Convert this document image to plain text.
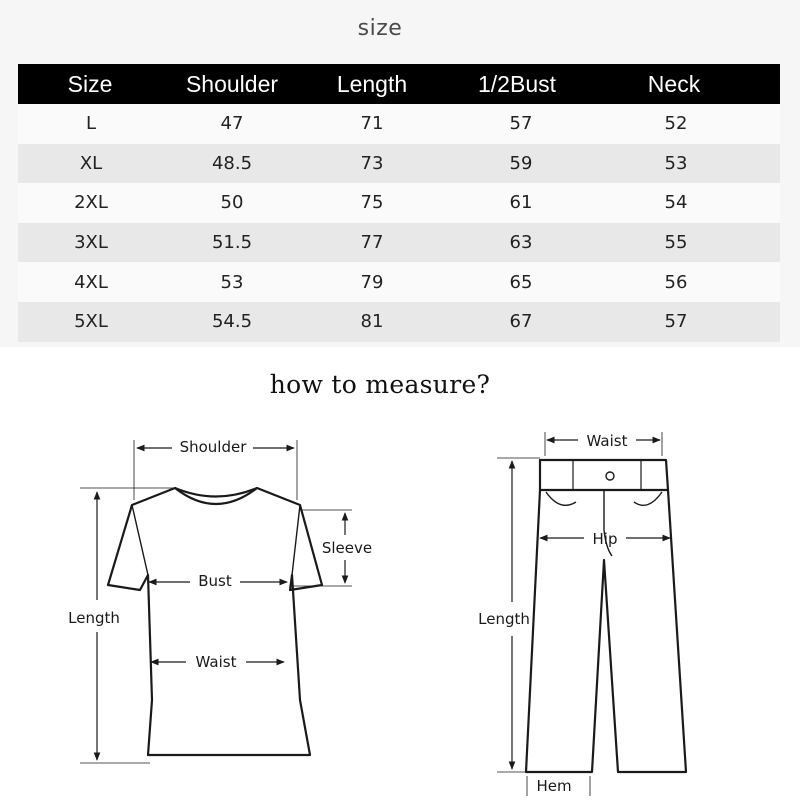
size
Size	Shoulder	Length	1/2Bust	Neck
L	47	71	57	52
XL	48.5	73	59	53
2XL	50	75	61	54
3XL	51.5	77	63	55
4XL	53	79	65	56
5XL	54.5	81	67	57
how to measure?
Shoulder
Length
Sleeve
Bust
Waist
Waist
Hip
Length
Hem
